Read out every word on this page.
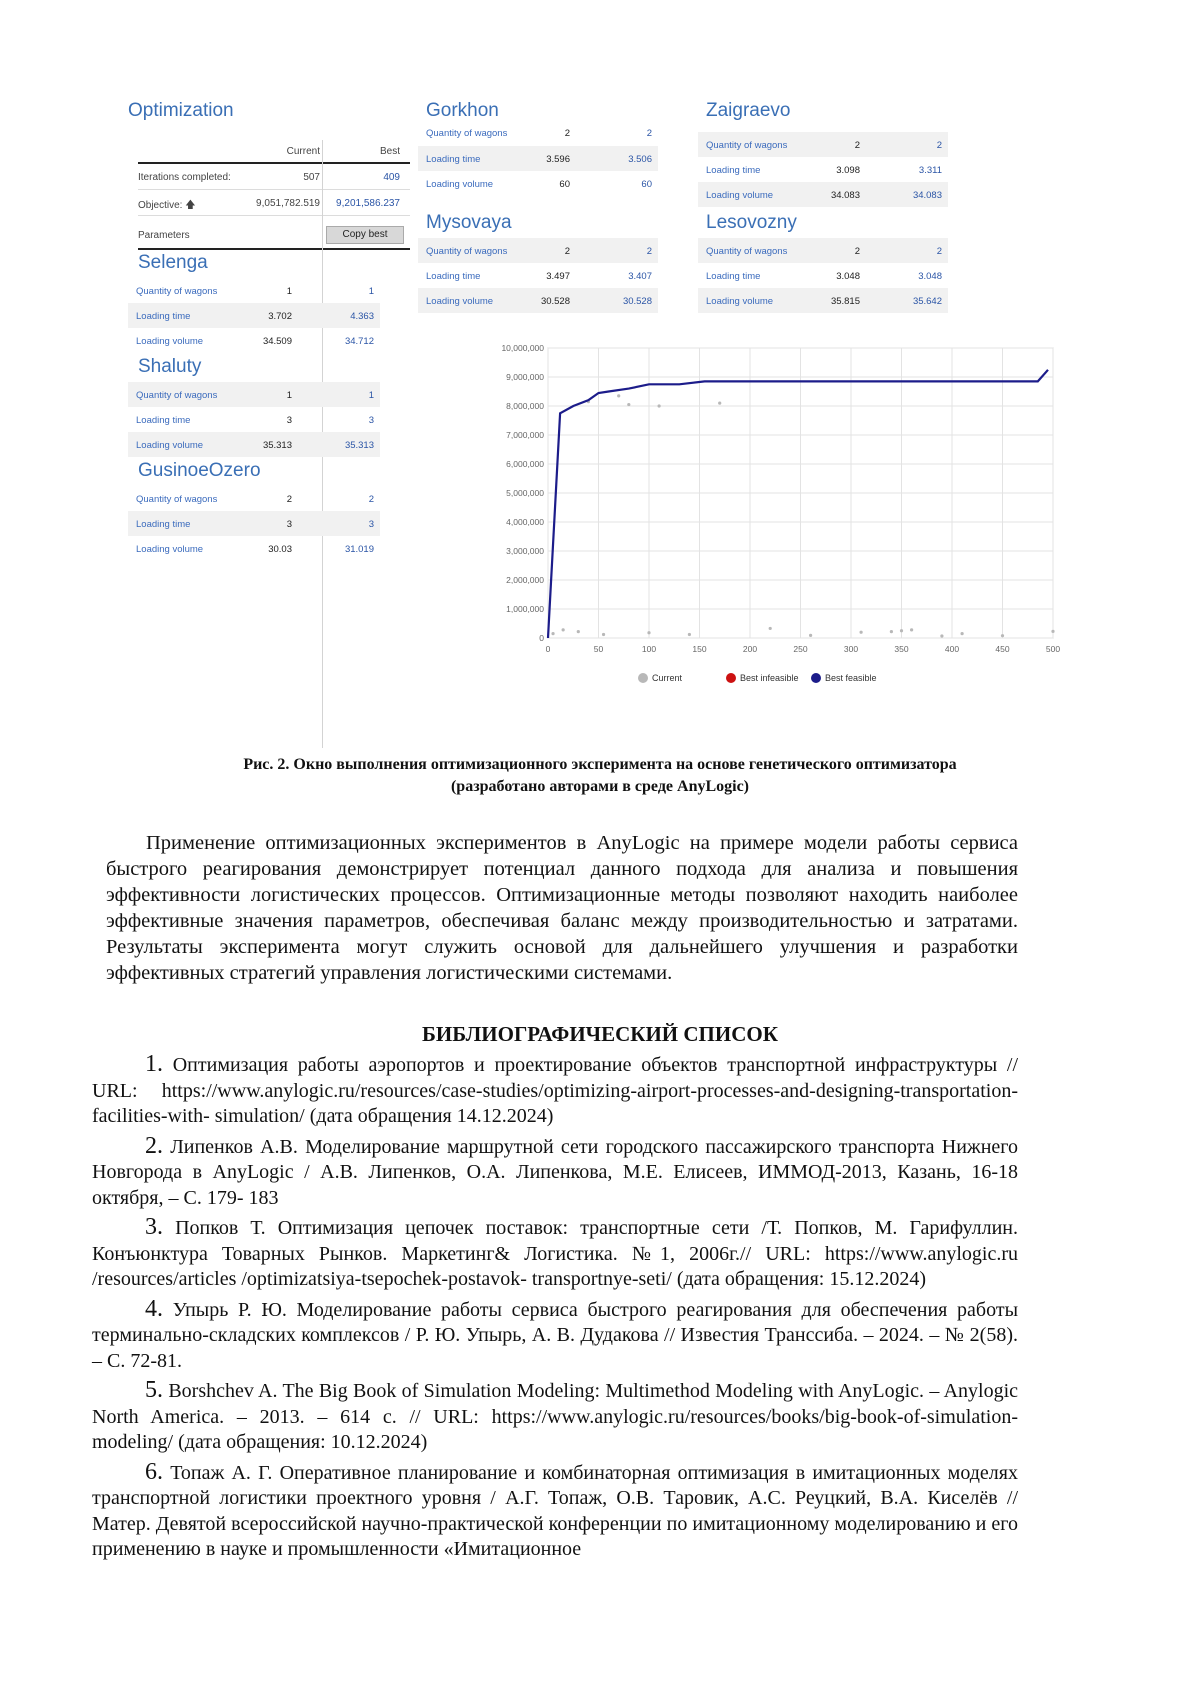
Optimization
Current	Best
Iterations completed:	507	409
Objective: 🡅	9,051,782.519 9,201,586.237
Parameters	Copy best
Selenga
Quantity of wagons	1	1
Loading time	3.702	4.363
Loading volume	34.509	34.712
Shaluty
Quantity of wagons	1	1
Loading time	3	3
Loading volume	35.313	35.313
GusinoeOzero
Quantity of wagons	2	2
Loading time	3	3
Loading volume	30.03	31.019
Gorkhon
Quantity of wagons	2	2
Loading time	3.596	3.506
Loading volume	60	60
Mysovaya
Quantity of wagons	2	2
Loading time	3.497	3.407
Loading volume	30.528	30.528
Zaigraevo
Quantity of wagons	2	2
Loading time	3.098	3.311
Loading volume	34.083	34.083
Lesovozny
Quantity of wagons	2	2
Loading time	3.048	3.048
Loading volume	35.815	35.642
0
1,000,000
2,000,000
3,000,000
4,000,000
5,000,000
6,000,000
7,000,000
8,000,000
9,000,000
10,000,000
0	50	100	150	200	250	300	350	400	450	500
Current	Best infeasible	Best feasible
Рис. 2. Окно выполнения оптимизационного эксперимента на основе генетического оптимизатора
(разработано авторами в среде AnyLogic)

Применение оптимизационных экспериментов в AnyLogic на примере модели работы сервиса быстрого реагирования демонстрирует потенциал данного подхода для анализа и повышения эффективности логистических процессов. Оптимизационные методы позволяют находить наиболее эффективные значения параметров, обеспечивая баланс между производительностью и затратами. Результаты эксперимента могут служить основой для дальнейшего улучшения и разработки эффективных стратегий управления логистическими системами.

БИБЛИОГРАФИЧЕСКИЙ СПИСОК

1. Оптимизация работы аэропортов и проектирование объектов транспортной инфраструктуры // URL: https://www.anylogic.ru/resources/case-studies/optimizing-airport-processes-and-designing-transportation-facilities-with- simulation/ (дата обращения 14.12.2024)

2. Липенков А.В. Моделирование маршрутной сети городского пассажирского транспорта Нижнего Новгорода в AnyLogic / А.В. Липенков, О.А. Липенкова, М.Е. Елисеев, ИММОД-2013, Казань, 16-18 октября, – С. 179- 183

3. Попков Т. Оптимизация цепочек поставок: транспортные сети /Т. Попков, М. Гарифуллин. Конъюнктура Товарных Рынков. Маркетинг& Логистика. №1, 2006г.// URL: https://www.anylogic.ru /resources/articles /optimizatsiya-tsepochek-postavok- transportnye-seti/ (дата обращения: 15.12.2024)

4. Упырь Р. Ю. Моделирование работы сервиса быстрого реагирования для обеспечения работы терминально-складских комплексов / Р. Ю. Упырь, А. В. Дудакова // Известия Транссиба. – 2024. – № 2(58). – С. 72-81.

5. Borshchev A. The Big Book of Simulation Modeling: Multimethod Modeling with AnyLogic. – Anylogic North America. – 2013. – 614 c. // URL: https://www.anylogic.ru/resources/books/big-book-of-simulation-modeling/ (дата обращения: 10.12.2024)

6. Топаж А. Г. Оперативное планирование и комбинаторная оптимизация в имитационных моделях транспортной логистики проектного уровня / А.Г. Топаж, О.В. Таровик, А.С. Реуцкий, В.А. Киселёв // Матер. Девятой всероссийской научно-практической конференции по имитационному моделированию и его применению в науке и промышленности «Имитационное
